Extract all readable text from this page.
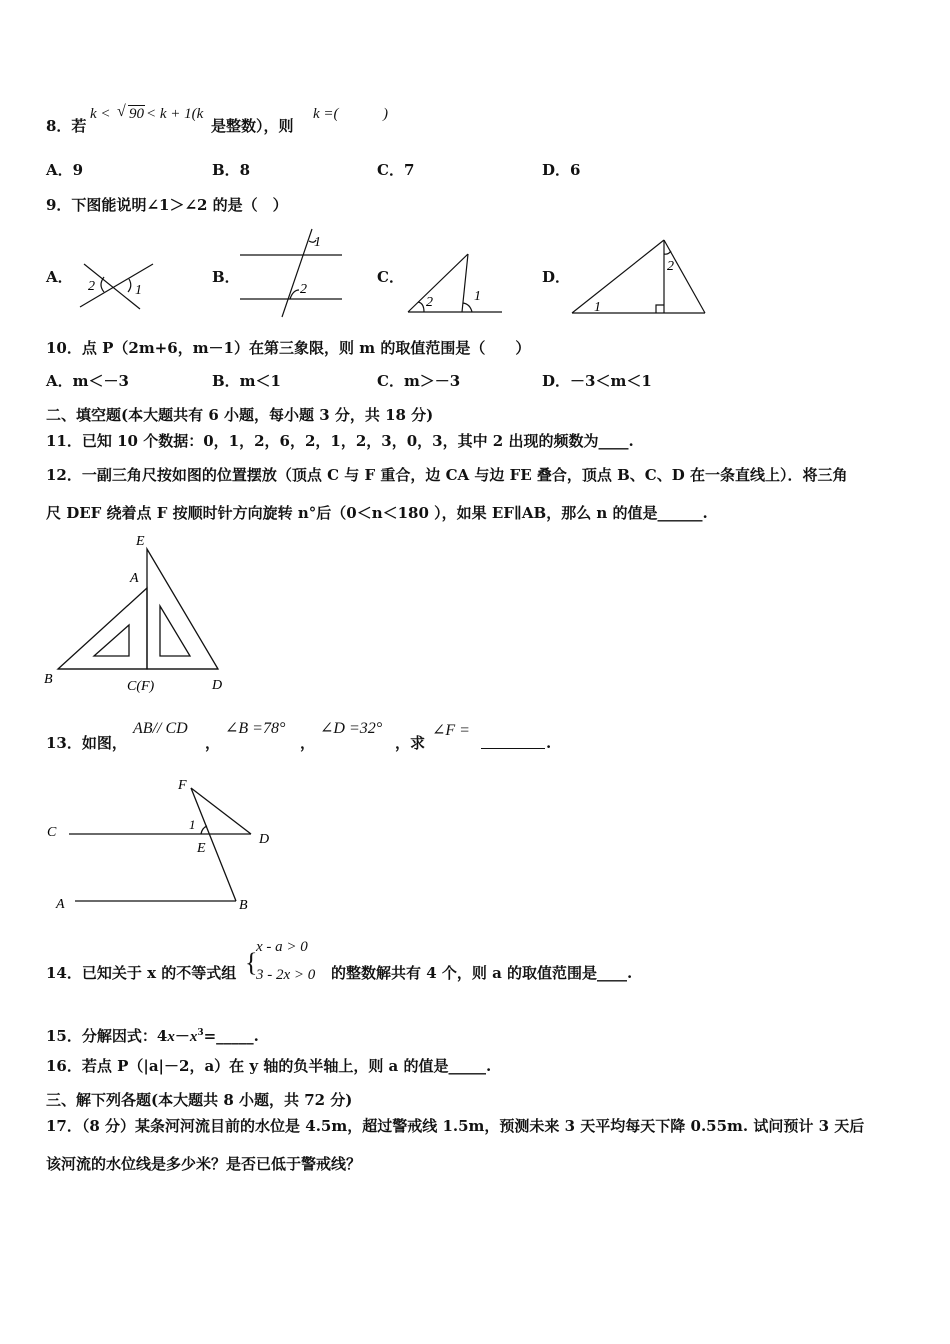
8．若
k < √ 90 < k + 1(k
是整数），则
k =(	)
A．9	B．8	C．7	D．6
9．下图能说明∠1＞∠2 的是（　）
A．	B．	C．	D．
2	1
1
2
2	1
2
1
E
A
B	C(F)	D
F
C
1
E
D
A	B
10．点 P（2m+6，m－1）在第三象限，则 m 的取值范围是（　　）
A．m＜－3	B．m＜1	C．m＞－3	D．－3＜m＜1
二、填空题(本大题共有 6 小题，每小题 3 分，共 18 分)
11．已知 10 个数据：0，1，2，6，2，1，2，3，0，3，其中 2 出现的频数为____.
12．一副三角尺按如图的位置摆放（顶点 C 与 F 重合，边 CA 与边 FE 叠合，顶点 B、C、D 在一条直线上）．将三角
尺 DEF 绕着点 F 按顺时针方向旋转 n°后（0＜n＜180 ），如果 EF∥AB，那么 n 的值是______.
13．如图，
AB// CD
，
∠B =78°
，
∠D =32°
，求
∠F =
.
14．已知关于 x 的不等式组 {
x - a > 0
3 - 2x > 0 的整数解共有 4 个，则 a 的取值范围是____.
15．分解因式：$4x-x^3=\_\_\_\_\_$.
16．若点 P（|a|－2，a）在 y 轴的负半轴上，则 a 的值是_____.
三、解下列各题(本大题共 8 小题，共 72 分)
17．（8 分）某条河河流目前的水位是 4.5m，超过警戒线 1.5m，预测未来 3 天平均每天下降 0.55m. 试问预计 3 天后
该河流的水位线是多少米？是否已低于警戒线？
